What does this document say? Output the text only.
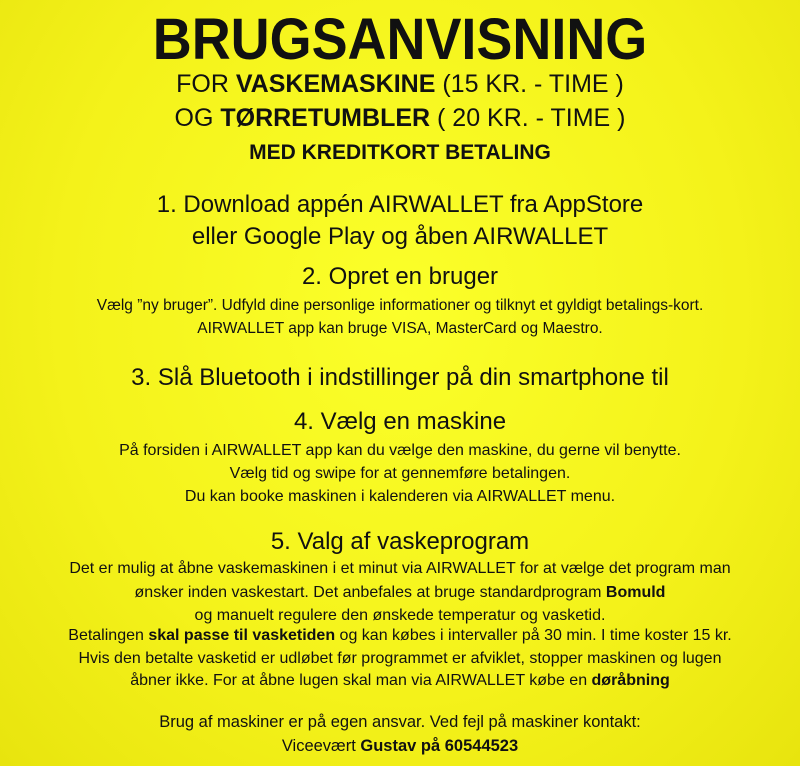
BRUGSANVISNING
FOR VASKEMASKINE (15 KR. - TIME )
OG TØRRETUMBLER ( 20 KR. - TIME )
MED KREDITKORT BETALING
1. Download appén AIRWALLET fra AppStore
eller Google Play og åben AIRWALLET
2. Opret en bruger
Vælg ”ny bruger”. Udfyld dine personlige informationer og tilknyt et gyldigt betalings-kort.
AIRWALLET app kan bruge VISA, MasterCard og Maestro.
3. Slå Bluetooth i indstillinger på din smartphone til
4. Vælg en maskine
På forsiden i AIRWALLET app kan du vælge den maskine, du gerne vil benytte.
Vælg tid og swipe for at gennemføre betalingen.
Du kan booke maskinen i kalenderen via AIRWALLET menu.
5. Valg af vaskeprogram
Det er mulig at åbne vaskemaskinen i et minut via AIRWALLET for at vælge det program man
ønsker inden vaskestart. Det anbefales at bruge standardprogram Bomuld
og manuelt regulere den ønskede temperatur og vasketid.
Betalingen skal passe til vasketiden og kan købes i intervaller på 30 min. I time koster 15 kr.
Hvis den betalte vasketid er udløbet før programmet er afviklet, stopper maskinen og lugen
åbner ikke. For at åbne lugen skal man via AIRWALLET købe en døråbning
Brug af maskiner er på egen ansvar. Ved fejl på maskiner kontakt:
Viceevært Gustav på 60544523
